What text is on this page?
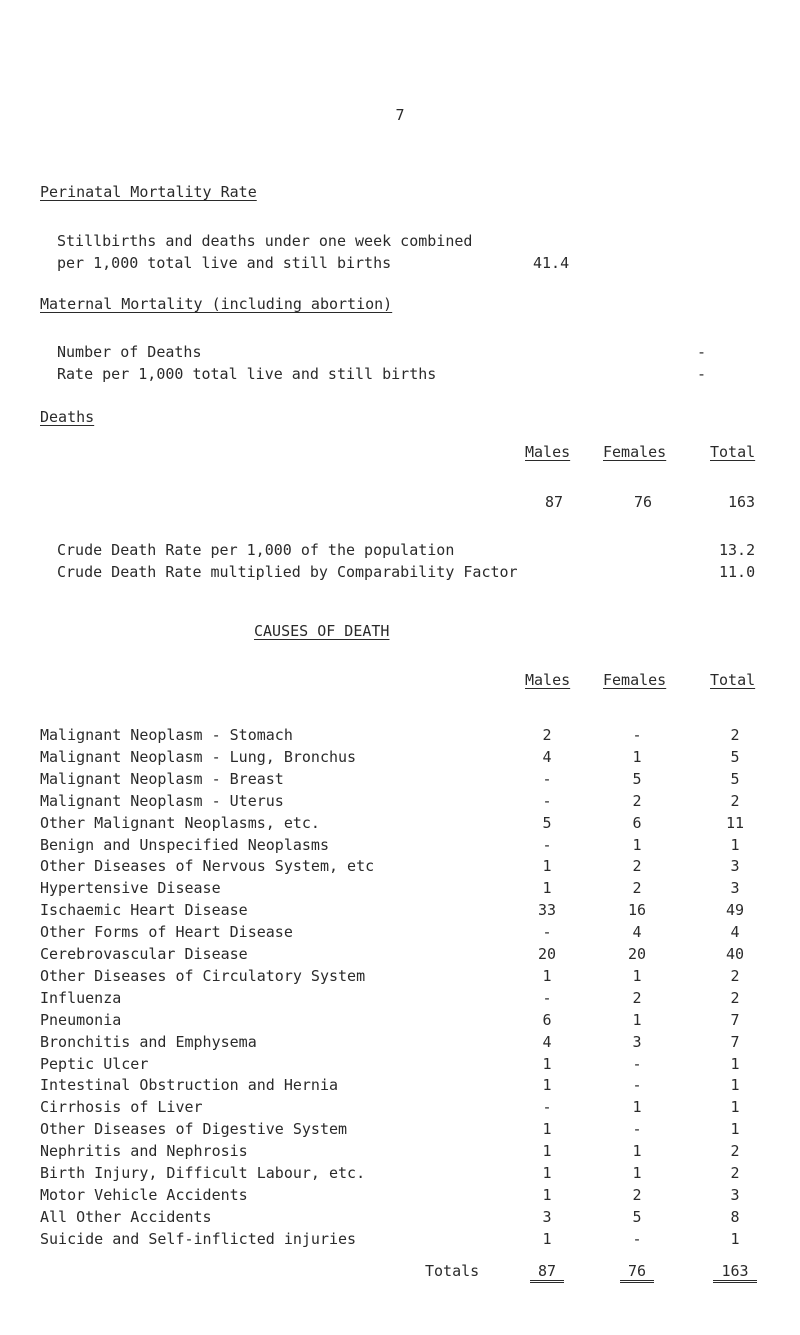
7
Perinatal Mortality Rate
Stillbirths and deaths under one week combined
per 1,000 total live and still births	41.4
Maternal Mortality (including abortion)
Number of Deaths	-
Rate per 1,000 total live and still births	-
Deaths
Males Females	Total
87	76	163
Crude Death Rate per 1,000 of the population	13.2
Crude Death Rate multiplied by Comparability Factor	11.0
CAUSES OF DEATH
Males Females	Total
Malignant Neoplasm - Stomach	2	-	2
Malignant Neoplasm - Lung, Bronchus	4	1	5
Malignant Neoplasm - Breast	-	5	5
Malignant Neoplasm - Uterus	-	2	2
Other Malignant Neoplasms, etc.	5	6	11
Benign and Unspecified Neoplasms	-	1	1
Other Diseases of Nervous System, etc	1	2	3
Hypertensive Disease	1	2	3
Ischaemic Heart Disease	33	16	49
Other Forms of Heart Disease	-	4	4
Cerebrovascular Disease	20	20	40
Other Diseases of Circulatory System	1	1	2
Influenza	-	2	2
Pneumonia	6	1	7
Bronchitis and Emphysema	4	3	7
Peptic Ulcer	1	-	1
Intestinal Obstruction and Hernia	1	-	1
Cirrhosis of Liver	-	1	1
Other Diseases of Digestive System	1	-	1
Nephritis and Nephrosis	1	1	2
Birth Injury, Difficult Labour, etc.	1	1	2
Motor Vehicle Accidents	1	2	3
All Other Accidents	3	5	8
Suicide and Self-inflicted injuries	1	-	1
Totals	87	76	163
